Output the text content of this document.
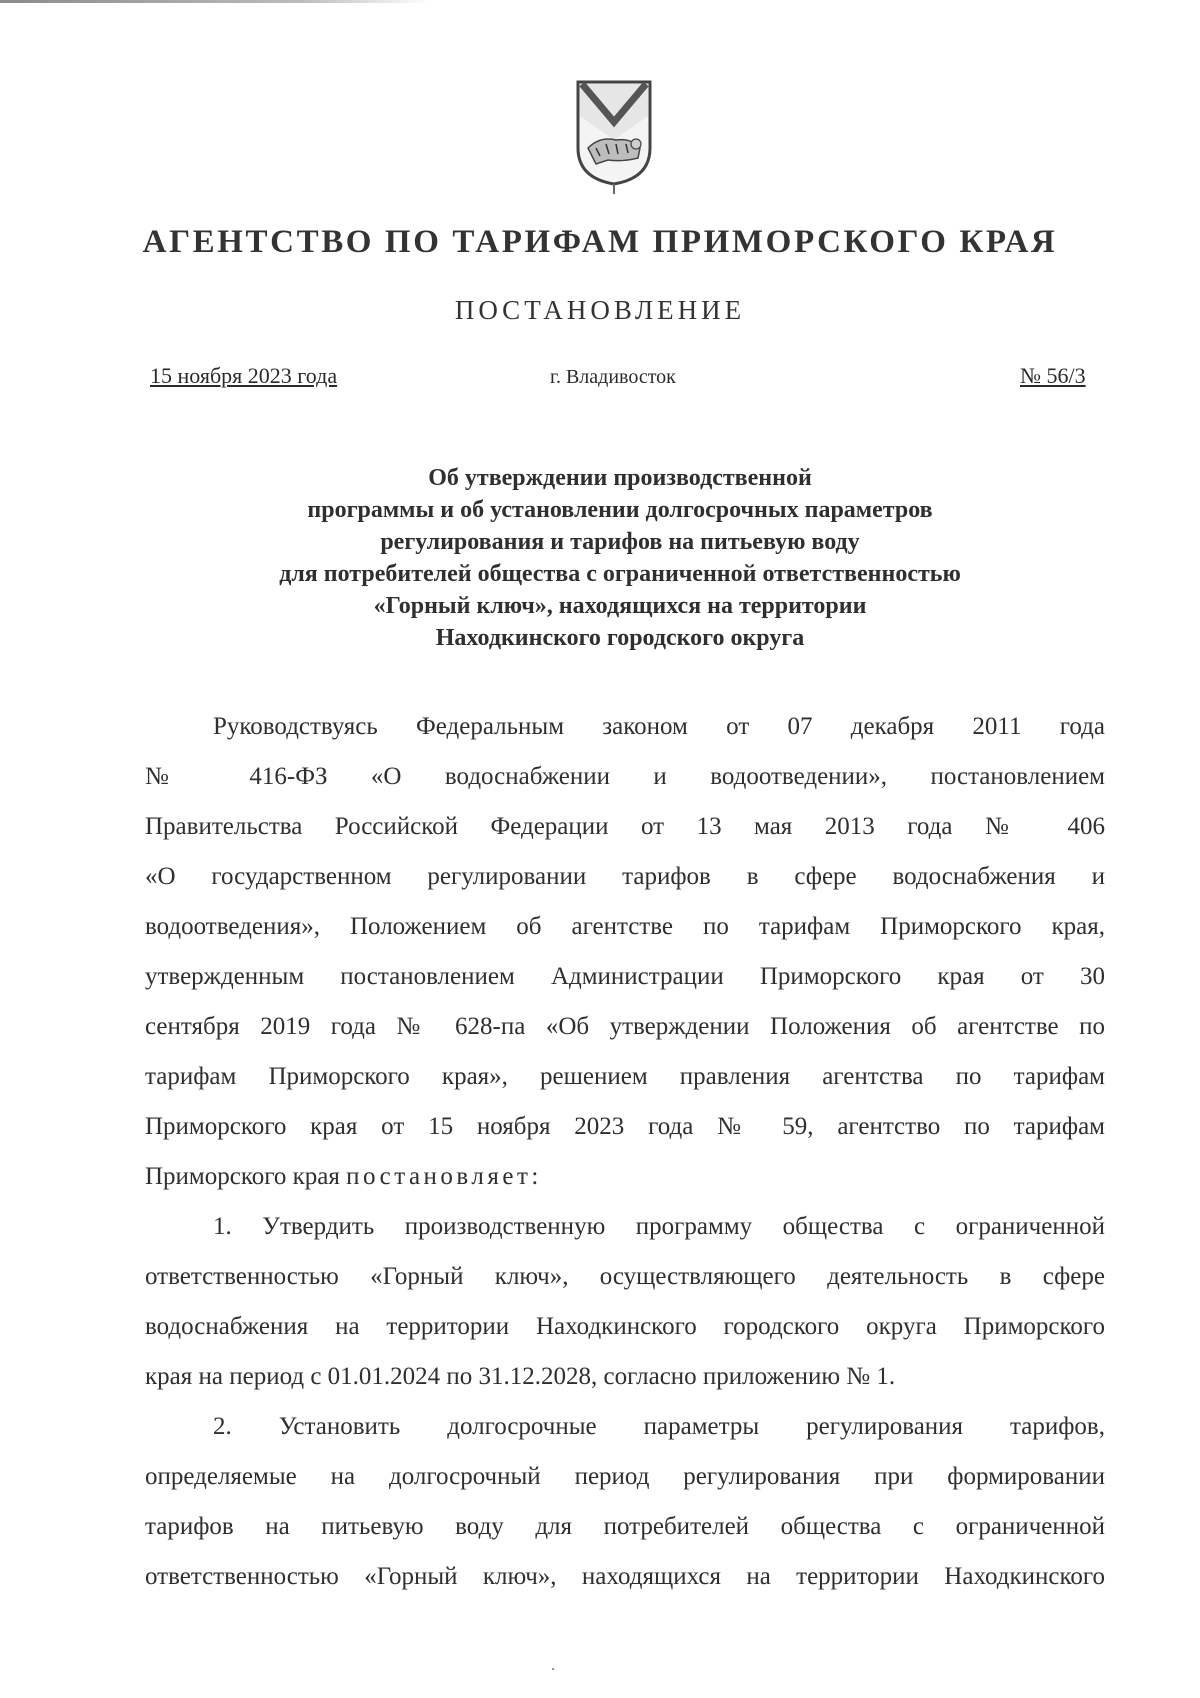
АГЕНТСТВО ПО ТАРИФАМ ПРИМОРСКОГО КРАЯ
ПОСТАНОВЛЕНИЕ
15 ноября 2023 года	г. Владивосток	№ 56/3
Об утверждении производственной
программы и об установлении долгосрочных параметров
регулирования и тарифов на питьевую воду
для потребителей общества с ограниченной ответственностью
«Горный ключ», находящихся на территории
Находкинского городского округа
Руководствуясь Федеральным законом от 07 декабря 2011 года
№ 416-ФЗ «О водоснабжении и водоотведении», постановлением
Правительства Российской Федерации от 13 мая 2013 года № 406
«О государственном регулировании тарифов в сфере водоснабжения и
водоотведения», Положением об агентстве по тарифам Приморского края,
утвержденным постановлением Администрации Приморского края от 30
сентября 2019 года № 628-па «Об утверждении Положения об агентстве по
тарифам Приморского края», решением правления агентства по тарифам
Приморского края от 15 ноября 2023 года № 59, агентство по тарифам
Приморского края постановляет:
1. Утвердить производственную программу общества с ограниченной
ответственностью «Горный ключ», осуществляющего деятельность в сфере
водоснабжения на территории Находкинского городского округа Приморского
края на период с 01.01.2024 по 31.12.2028, согласно приложению № 1.
2. Установить долгосрочные параметры регулирования тарифов,
определяемые на долгосрочный период регулирования при формировании
тарифов на питьевую воду для потребителей общества с ограниченной
ответственностью «Горный ключ», находящихся на территории Находкинского
